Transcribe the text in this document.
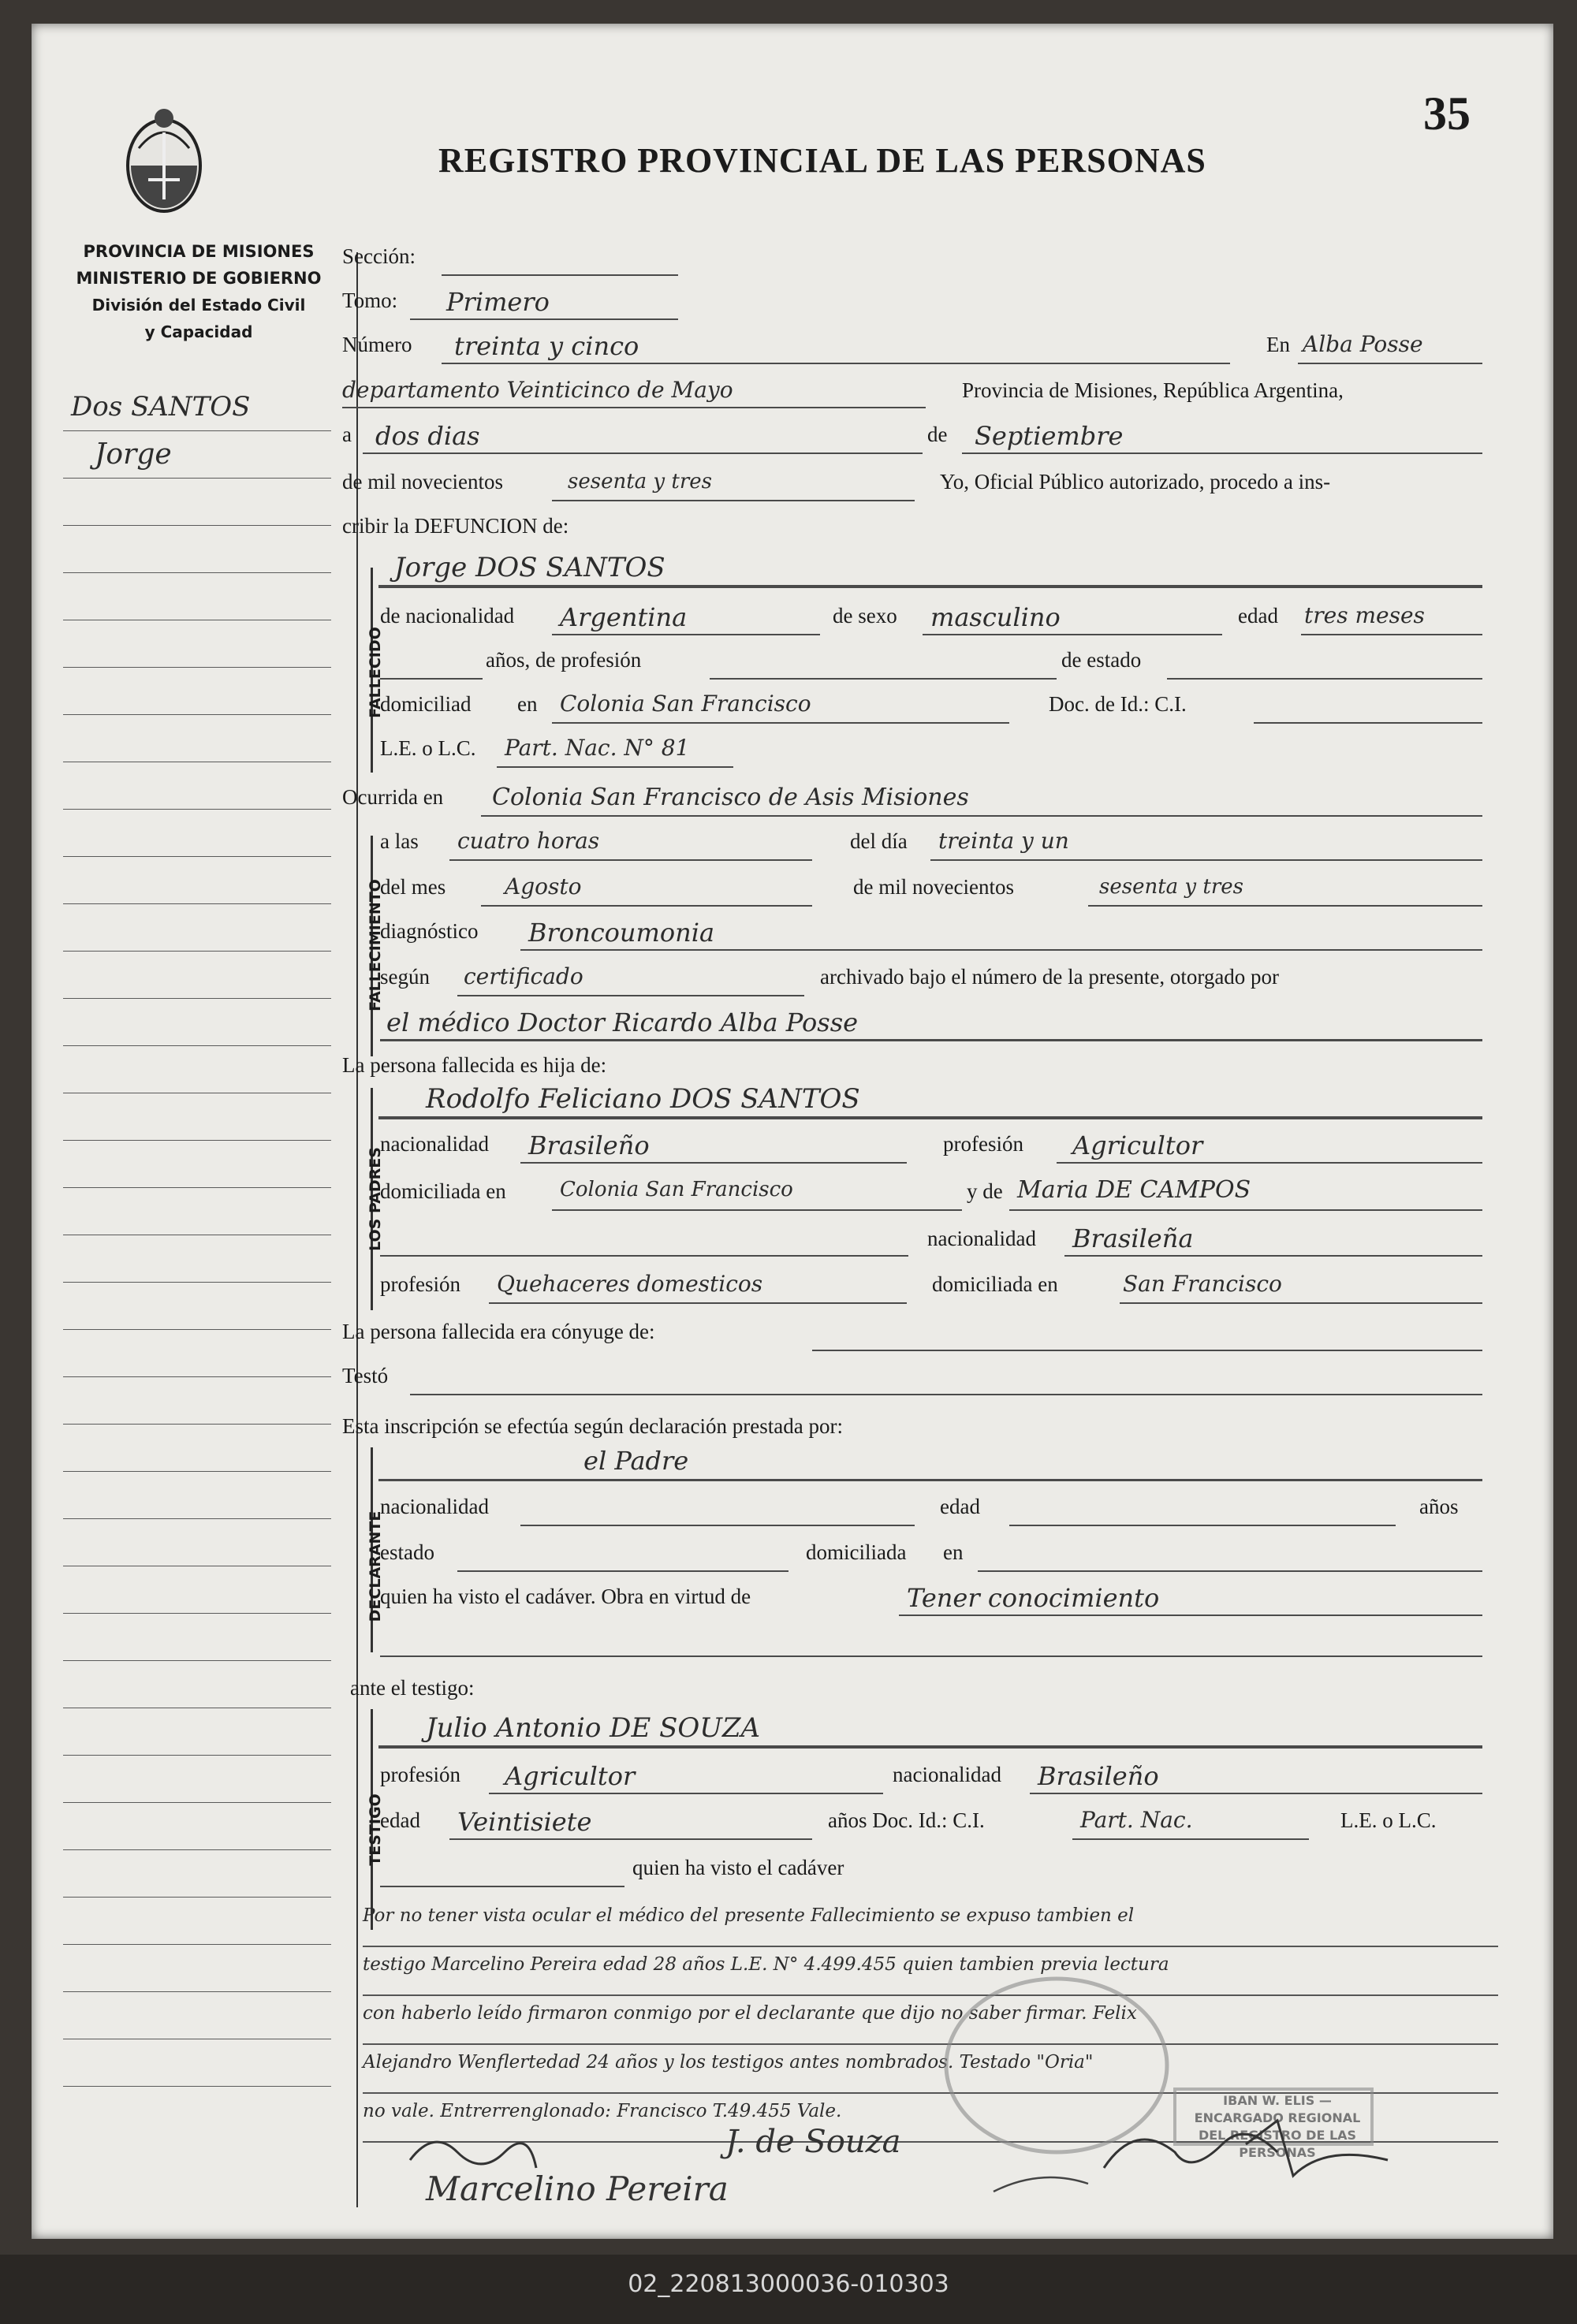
35
REGISTRO PROVINCIAL DE LAS PERSONAS
PROVINCIA DE MISIONES
MINISTERIO DE GOBIERNO
División del Estado Civil
y Capacidad
Dos SANTOS
Jorge
Sección:
Tomo: Primero
Número treinta y cinco	En Alba Posse
departamento Veinticinco de Mayo	Provincia de Misiones, República Argentina,
a dos dias	de Septiembre
de mil novecientos	sesenta y tres	Yo, Oficial Público autorizado, procedo a ins-
cribir la DEFUNCION de:
FALLECIDO
Jorge DOS SANTOS
de nacionalidad Argentina	de sexo masculino	edad tres meses
años, de profesión	de estado
domiciliad en Colonia San Francisco	Doc. de Id.: C.I.
L.E. o L.C. Part. Nac. N° 81
Ocurrida en Colonia San Francisco de Asis Misiones
FALLECIMIENTO
a las cuatro horas	del día treinta y un
del mes	Agosto	de mil novecientos	sesenta y tres
diagnóstico Broncoumonia
según certificado	archivado bajo el número de la presente, otorgado por
el médico Doctor Ricardo Alba Posse
La persona fallecida es hija de:
LOS PADRES
Rodolfo Feliciano DOS SANTOS
nacionalidad Brasileño	profesión Agricultor
domiciliada en	Colonia San Francisco	y de Maria DE CAMPOS
nacionalidad Brasileña
profesión Quehaceres domesticos	domiciliada en	San Francisco
La persona fallecida era cónyuge de:
Testó
Esta inscripción se efectúa según declaración prestada por:
DECLARANTE
el Padre
nacionalidad	edad	años
estado	domiciliada en
quien ha visto el cadáver. Obra en virtud de	Tener conocimiento
ante el testigo:
TESTIGO
Julio Antonio DE SOUZA
profesión Agricultor	nacionalidad Brasileño
edad Veintisiete	años Doc. Id.: C.I.	Part. Nac.	L.E. o L.C.
quien ha visto el cadáver
Por no tener vista ocular el médico del presente Fallecimiento se expuso tambien el
testigo Marcelino Pereira edad 28 años L.E. N° 4.499.455 quien tambien previa lectura
con haberlo leído firmaron conmigo por el declarante que dijo no saber firmar. Felix
Alejandro Wenflertedad 24 años y los testigos antes nombrados. Testado "Oria"
no vale. Entrerrenglonado: Francisco T.49.455 Vale.
IBAN W. ELIS — ENCARGADO REGIONAL DEL REGISTRO DE LAS PERSONAS
Marcelino Pereira
J. de Souza
02_220813000036-010303
